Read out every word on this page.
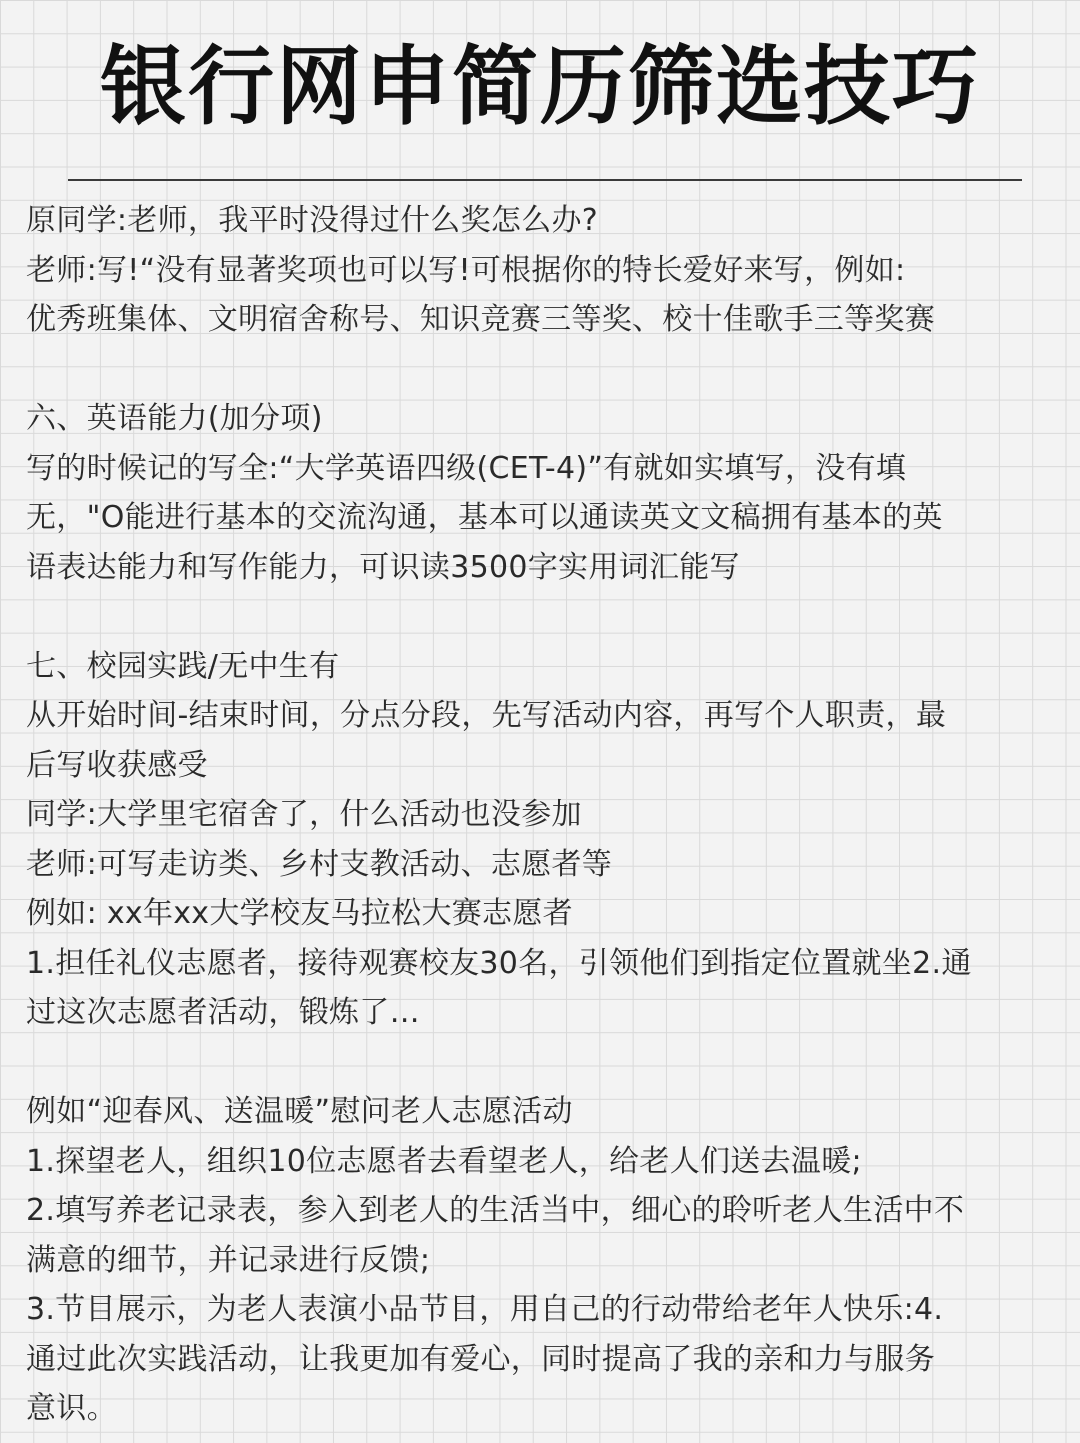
银行网申简历筛选技巧
原同学:老师，我平时没得过什么奖怎么办?
老师:写!“没有显著奖项也可以写!可根据你的特长爱好来写，例如:
优秀班集体、文明宿舍称号、知识竞赛三等奖、校十佳歌手三等奖赛
六、英语能力(加分项)
写的时候记的写全:“大学英语四级(CET-4)”有就如实填写，没有填
无，"O能进行基本的交流沟通，基本可以通读英文文稿拥有基本的英
语表达能力和写作能力，可识读3500字实用词汇能写
七、校园实践/无中生有
从开始时间-结束时间，分点分段，先写活动内容，再写个人职责，最
后写收获感受
同学:大学里宅宿舍了，什么活动也没参加
老师:可写走访类、乡村支教活动、志愿者等
例如: xx年xx大学校友马拉松大赛志愿者
1.担任礼仪志愿者，接待观赛校友30名，引领他们到指定位置就坐2.通
过这次志愿者活动，锻炼了…
例如“迎春风、送温暖”慰问老人志愿活动
1.探望老人，组织10位志愿者去看望老人，给老人们送去温暖;
2.填写养老记录表，参入到老人的生活当中，细心的聆听老人生活中不
满意的细节，并记录进行反馈;
3.节目展示，为老人表演小品节目，用自己的行动带给老年人快乐:4.
通过此次实践活动，让我更加有爱心，同时提高了我的亲和力与服务
意识。
